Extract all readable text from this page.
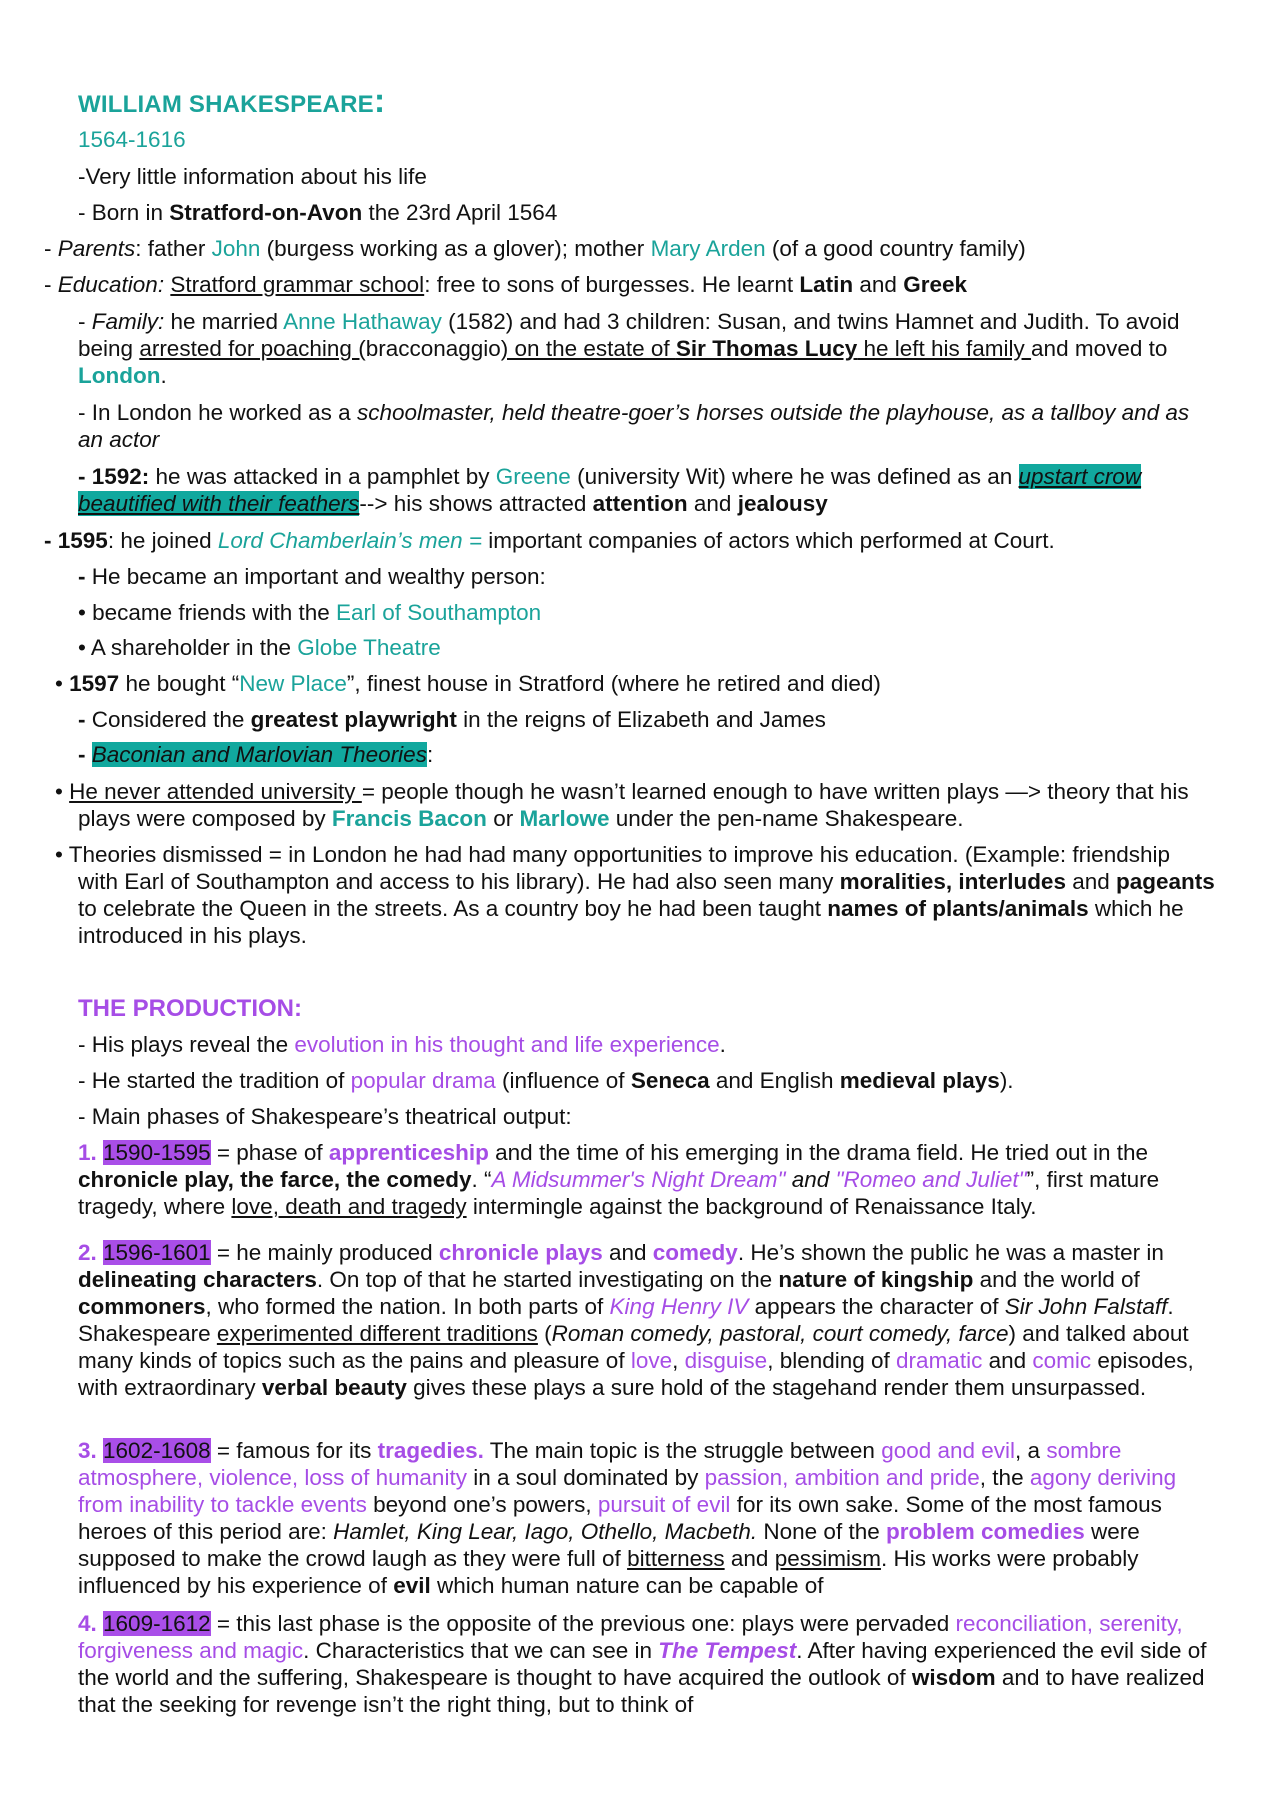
WILLIAM SHAKESPEARE:
1564-1616
-Very little information about his life
- Born in Stratford-on-Avon the 23rd April 1564
- Parents: father John (burgess working as a glover); mother Mary Arden (of a good country family)
- Education: Stratford grammar school: free to sons of burgesses. He learnt Latin and Greek
- Family: he married Anne Hathaway (1582) and had 3 children: Susan, and twins Hamnet and Judith. To avoid being arrested for poaching (bracconaggio) on the estate of Sir Thomas Lucy he left his family and moved to London.
- In London he worked as a schoolmaster, held theatre-goer’s horses outside the playhouse, as a tallboy and as an actor
- 1592: he was attacked in a pamphlet by Greene (university Wit) where he was defined as an upstart crow beautified with their feathers--> his shows attracted attention and jealousy
- 1595: he joined Lord Chamberlain’s men = important companies of actors which performed at Court.
- He became an important and wealthy person:
• became friends with the Earl of Southampton
• A shareholder in the Globe Theatre
• 1597 he bought “New Place”, finest house in Stratford (where he retired and died)
- Considered the greatest playwright in the reigns of Elizabeth and James
- Baconian and Marlovian Theories:
• He never attended university = people though he wasn’t learned enough to have written plays —> theory that his plays were composed by Francis Bacon or Marlowe under the pen-name Shakespeare.
• Theories dismissed = in London he had had many opportunities to improve his education. (Example: friendship with Earl of Southampton and access to his library). He had also seen many moralities, interludes and pageants to celebrate the Queen in the streets. As a country boy he had been taught names of plants/animals which he introduced in his plays.
THE PRODUCTION:
- His plays reveal the evolution in his thought and life experience.
- He started the tradition of popular drama (influence of Seneca and English medieval plays).
- Main phases of Shakespeare’s theatrical output:
1. 1590-1595 = phase of apprenticeship and the time of his emerging in the drama field. He tried out in the chronicle play, the farce, the comedy. “A Midsummer's Night Dream" and "Romeo and Juliet"”, first mature tragedy, where love, death and tragedy intermingle against the background of Renaissance Italy.
2. 1596-1601 = he mainly produced chronicle plays and comedy. He’s shown the public he was a master in delineating characters. On top of that he started investigating on the nature of kingship and the world of commoners, who formed the nation. In both parts of King Henry IV appears the character of Sir John Falstaff. Shakespeare experimented different traditions (Roman comedy, pastoral, court comedy, farce) and talked about many kinds of topics such as the pains and pleasure of love, disguise, blending of dramatic and comic episodes, with extraordinary verbal beauty gives these plays a sure hold of the stagehand render them unsurpassed.
3. 1602-1608 = famous for its tragedies. The main topic is the struggle between good and evil, a sombre atmosphere, violence, loss of humanity in a soul dominated by passion, ambition and pride, the agony deriving from inability to tackle events beyond one’s powers, pursuit of evil for its own sake. Some of the most famous heroes of this period are: Hamlet, King Lear, Iago, Othello, Macbeth. None of the problem comedies were supposed to make the crowd laugh as they were full of bitterness and pessimism. His works were probably influenced by his experience of evil which human nature can be capable of
4. 1609-1612 = this last phase is the opposite of the previous one: plays were pervaded reconciliation, serenity, forgiveness and magic. Characteristics that we can see in The Tempest. After having experienced the evil side of the world and the suffering, Shakespeare is thought to have acquired the outlook of wisdom and to have realized that the seeking for revenge isn’t the right thing, but to think of
